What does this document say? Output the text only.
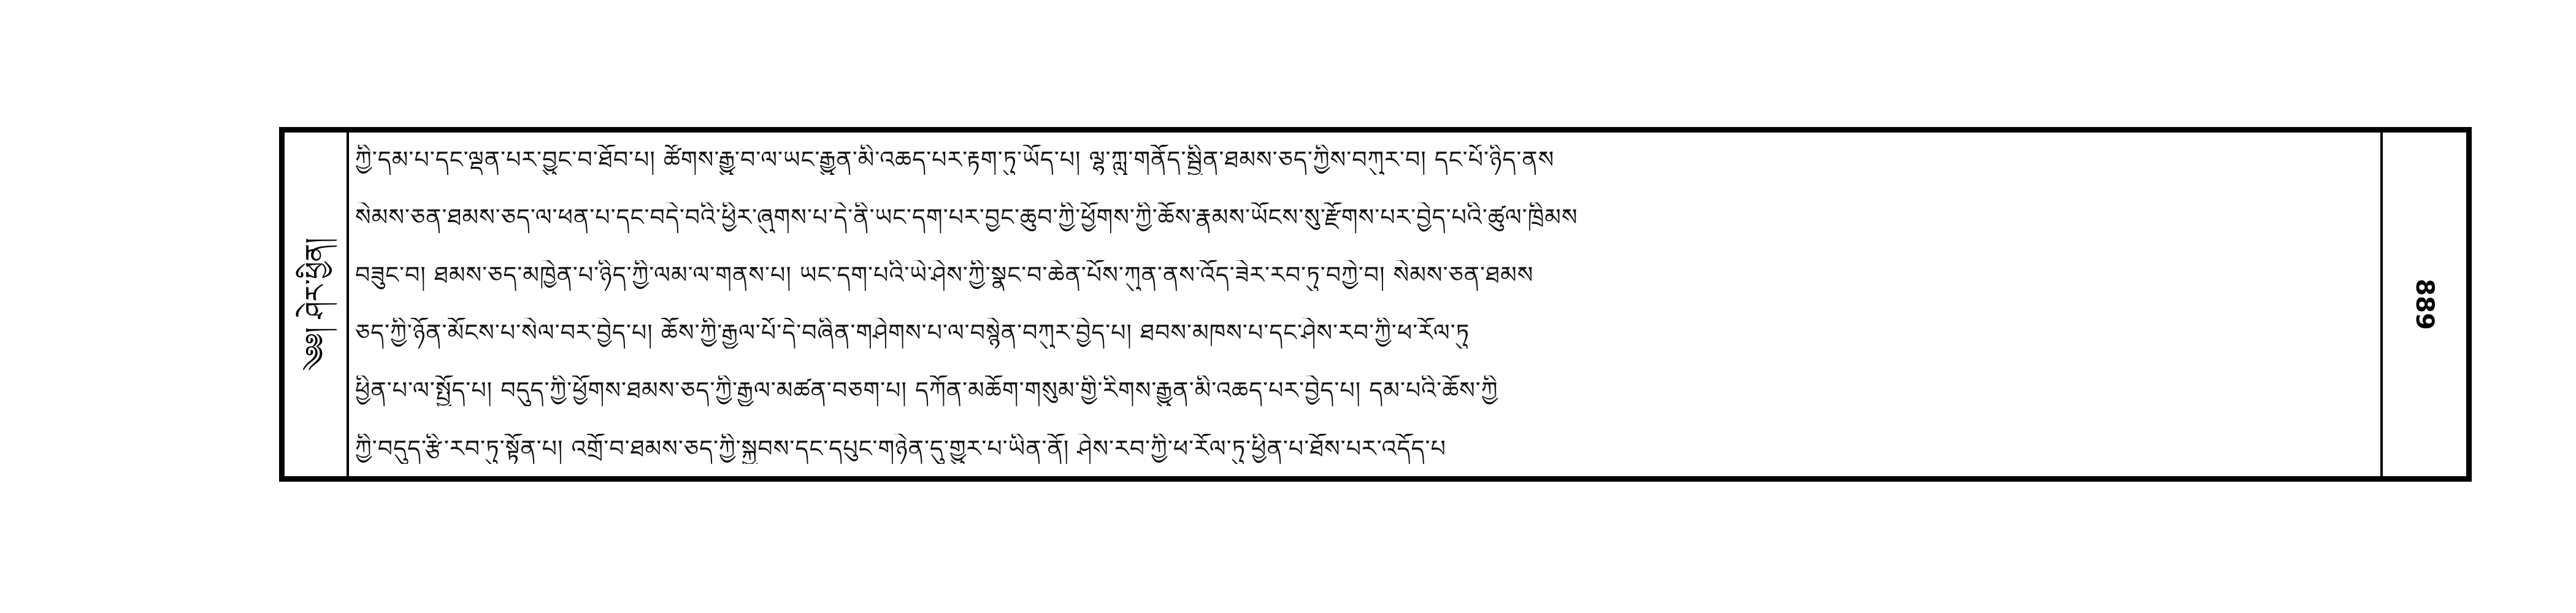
༄༅། ཤེར་ཕྱིན།
ཀྱི་དམ་པ་དང་ལྡན་པར་བྱུང་བ་ཐོབ་པ། ཚོགས་རྒྱུ་བ་ལ་ཡང་རྒྱུན་མི་འཆད་པར་རྟག་ཏུ་ཡོད་པ། ལྷ་ཀླུ་གནོད་སྦྱིན་ཐམས་ཅད་ཀྱིས་བཀུར་བ། དང་པོ་ཉིད་ནས
སེམས་ཅན་ཐམས་ཅད་ལ་ཕན་པ་དང་བདེ་བའི་ཕྱིར་ཞུགས་པ་དེ་ནི་ཡང་དག་པར་བྱང་ཆུབ་ཀྱི་ཕྱོགས་ཀྱི་ཆོས་རྣམས་ཡོངས་སུ་རྫོགས་པར་བྱེད་པའི་ཚུལ་ཁྲིམས
བཟུང་བ། ཐམས་ཅད་མཁྱེན་པ་ཉིད་ཀྱི་ལམ་ལ་གནས་པ། ཡང་དག་པའི་ཡེ་ཤེས་ཀྱི་སྣང་བ་ཆེན་པོས་ཀུན་ནས་འོད་ཟེར་རབ་ཏུ་བཀྱེ་བ། སེམས་ཅན་ཐམས
ཅད་ཀྱི་ཉོན་མོངས་པ་སེལ་བར་བྱེད་པ། ཆོས་ཀྱི་རྒྱལ་པོ་དེ་བཞིན་གཤེགས་པ་ལ་བསྙེན་བཀུར་བྱེད་པ། ཐབས་མཁས་པ་དང་ཤེས་རབ་ཀྱི་ཕ་རོལ་ཏུ
ཕྱིན་པ་ལ་སྤྱོད་པ། བདུད་ཀྱི་ཕྱོགས་ཐམས་ཅད་ཀྱི་རྒྱལ་མཚན་བཅག་པ། དཀོན་མཆོག་གསུམ་གྱི་རིགས་རྒྱུན་མི་འཆད་པར་བྱེད་པ། དམ་པའི་ཆོས་ཀྱི
ཀྱི་བདུད་རྩི་རབ་ཏུ་སྟོན་པ། འགྲོ་བ་ཐམས་ཅད་ཀྱི་སྐྱབས་དང་དཔུང་གཉེན་དུ་གྱུར་པ་ཡིན་ནོ། ཤེས་རབ་ཀྱི་ཕ་རོལ་ཏུ་ཕྱིན་པ་ཐོས་པར་འདོད་པ
889
